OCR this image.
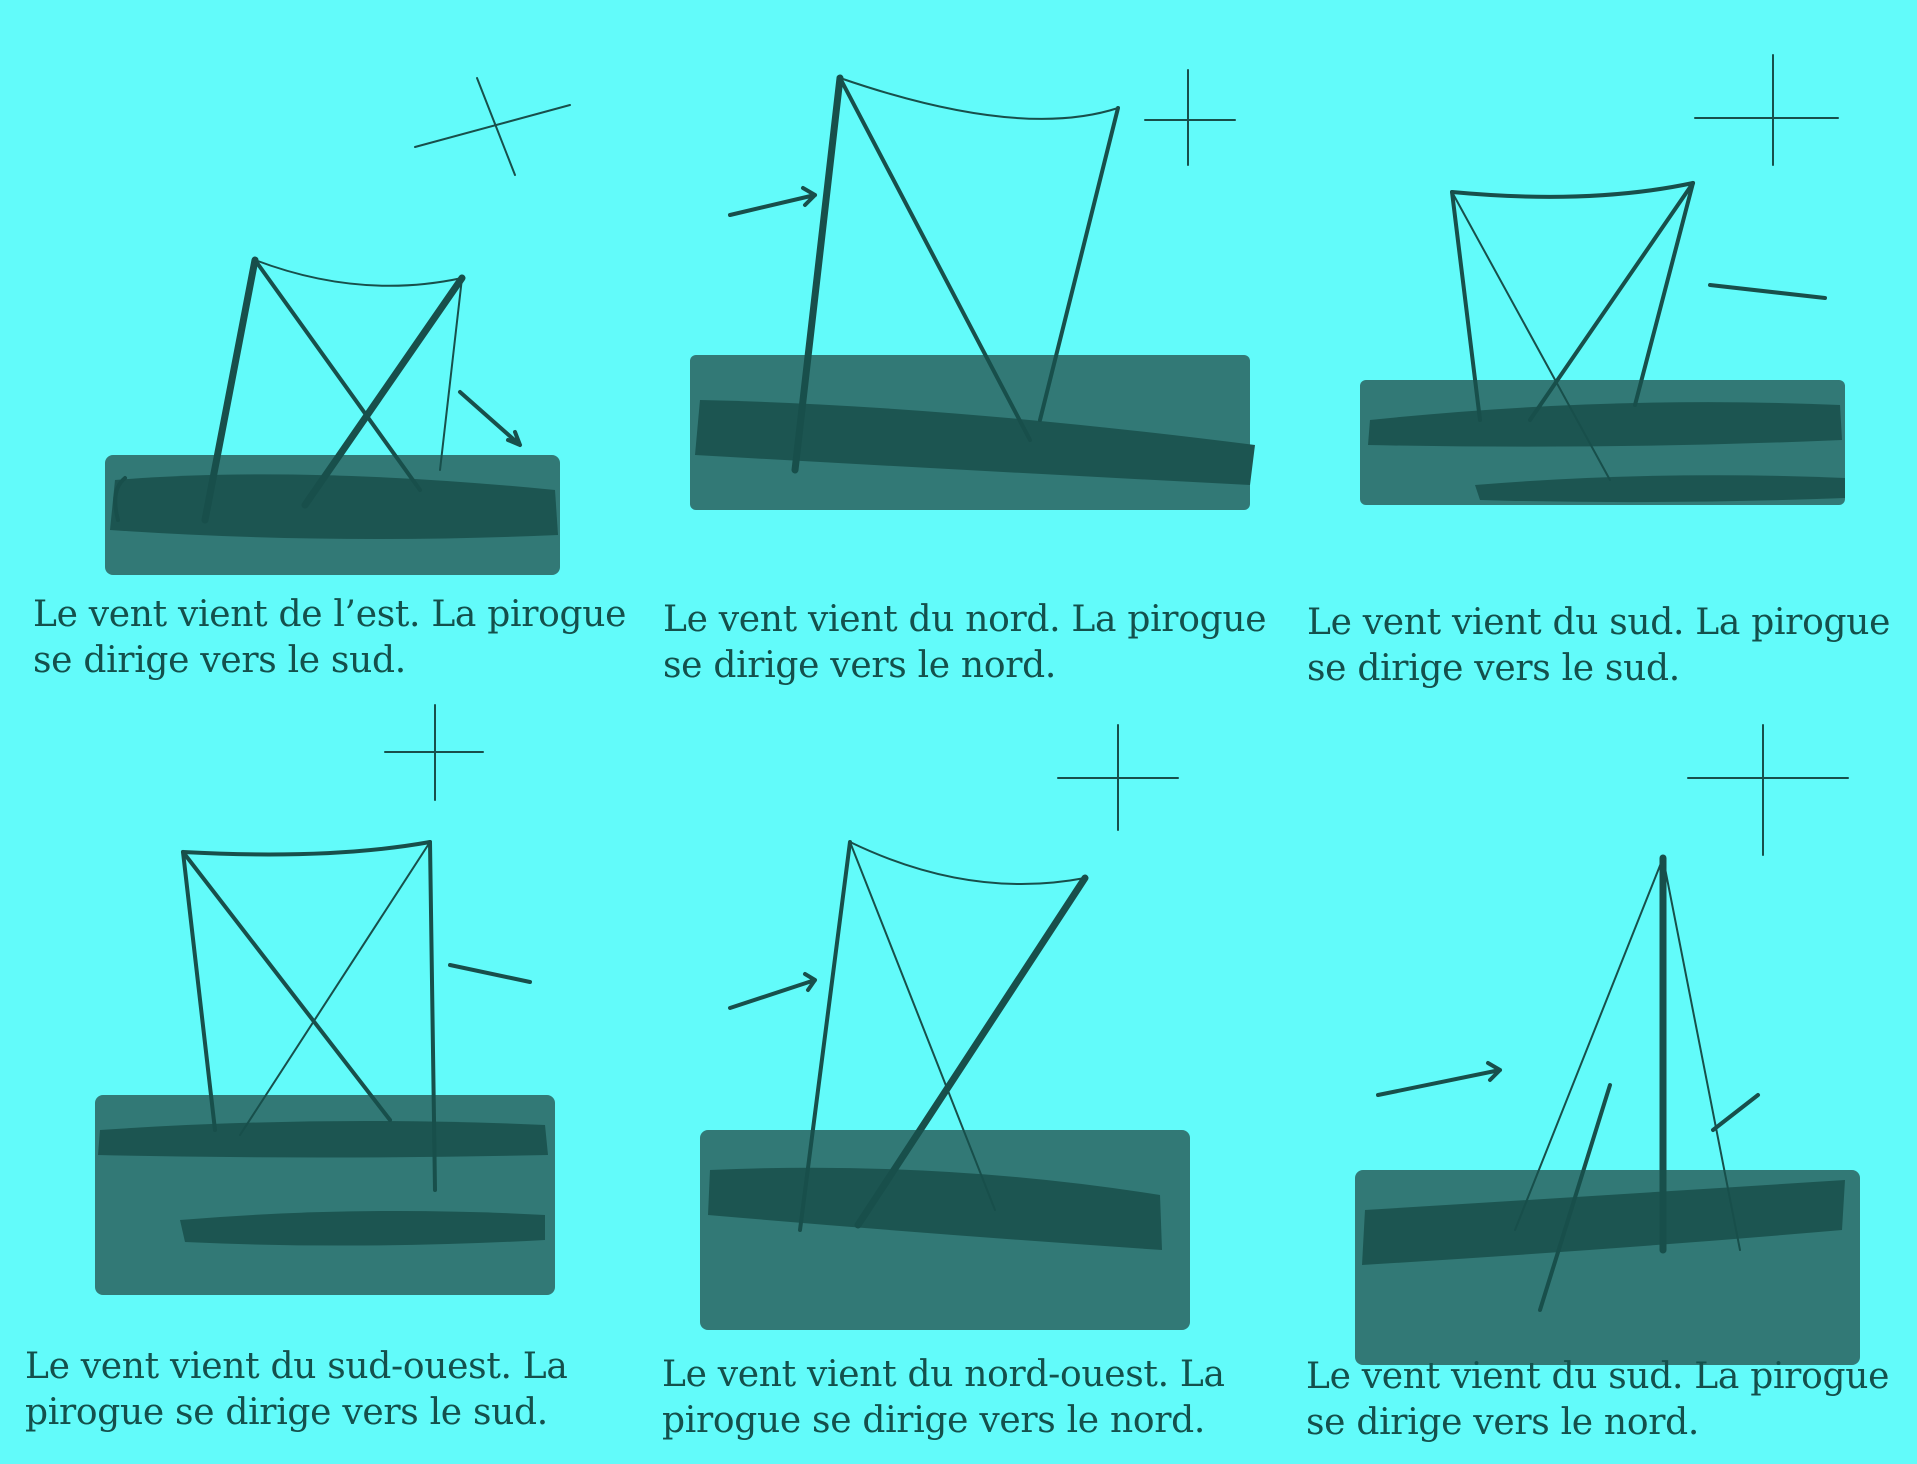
Le vent vient de l’est. La pirogue
se dirige vers le sud.
Le vent vient du nord. La pirogue
se dirige vers le nord.
Le vent vient du sud. La pirogue
se dirige vers le sud.
Le vent vient du sud-ouest. La
pirogue se dirige vers le sud.
Le vent vient du nord-ouest. La
pirogue se dirige vers le nord.
Le vent vient du sud. La pirogue
se dirige vers le nord.
